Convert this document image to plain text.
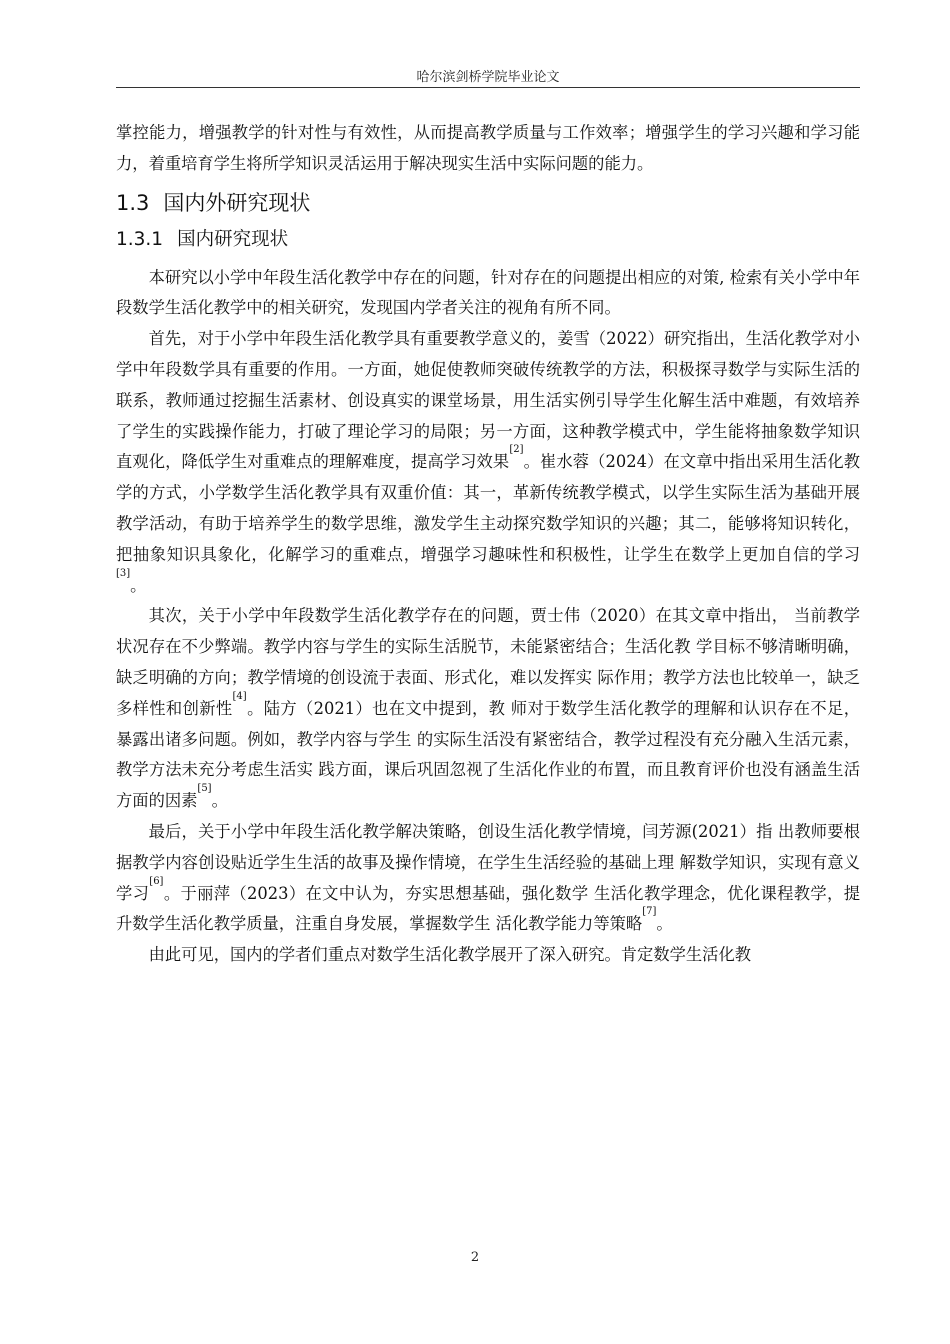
哈尔滨剑桥学院毕业论文

掌控能力，增强教学的针对性与有效性，从而提高教学质量与工作效率；增强学生的学习兴趣和学习能力，着重培育学生将所学知识灵活运用于解决现实生活中实际问题的能力。

1.3 国内外研究现状
1.3.1 国内研究现状

本研究以小学中年段生活化教学中存在的问题，针对存在的问题提出相应的对策, 检索有关小学中年段数学生活化教学中的相关研究，发现国内学者关注的视角有所不同。

首先，对于小学中年段生活化教学具有重要教学意义的，姜雪（2022）研究指出，生活化教学对小学中年段数学具有重要的作用。一方面，她促使教师突破传统教学的方法，积极探寻数学与实际生活的联系，教师通过挖掘生活素材、创设真实的课堂场景，用生活实例引导学生化解生活中难题，有效培养了学生的实践操作能力，打破了理论学习的局限；另一方面，这种教学模式中，学生能将抽象数学知识直观化，降低学生对重难点的理解难度，提高学习效果[2]。崔水蓉（2024）在文章中指出采用生活化教学的方式，小学数学生活化教学具有双重价值：其一，革新传统教学模式，以学生实际生活为基础开展教学活动，有助于培养学生的数学思维，激发学生主动探究数学知识的兴趣；其二，能够将知识转化，把抽象知识具象化，化解学习的重难点，增强学习趣味性和积极性，让学生在数学上更加自信的学习[3]。

其次，关于小学中年段数学生活化教学存在的问题，贾士伟（2020）在其文章中指出， 当前教学状况存在不少弊端。教学内容与学生的实际生活脱节，未能紧密结合；生活化教 学目标不够清晰明确，缺乏明确的方向；教学情境的创设流于表面、形式化，难以发挥实 际作用；教学方法也比较单一，缺乏多样性和创新性[4]。陆方（2021）也在文中提到，教 师对于数学生活化教学的理解和认识存在不足，暴露出诸多问题。例如，教学内容与学生 的实际生活没有紧密结合，教学过程没有充分融入生活元素，教学方法未充分考虑生活实 践方面，课后巩固忽视了生活化作业的布置，而且教育评价也没有涵盖生活方面的因素[5]。

最后，关于小学中年段生活化教学解决策略，创设生活化教学情境，闫芳源(2021）指 出教师要根据教学内容创设贴近学生生活的故事及操作情境，在学生生活经验的基础上理 解数学知识，实现有意义学习[6]。于丽萍（2023）在文中认为，夯实思想基础，强化数学 生活化教学理念，优化课程教学，提升数学生活化教学质量，注重自身发展，掌握数学生 活化教学能力等策略[7]。

由此可见，国内的学者们重点对数学生活化教学展开了深入研究。肯定数学生活化教

2
